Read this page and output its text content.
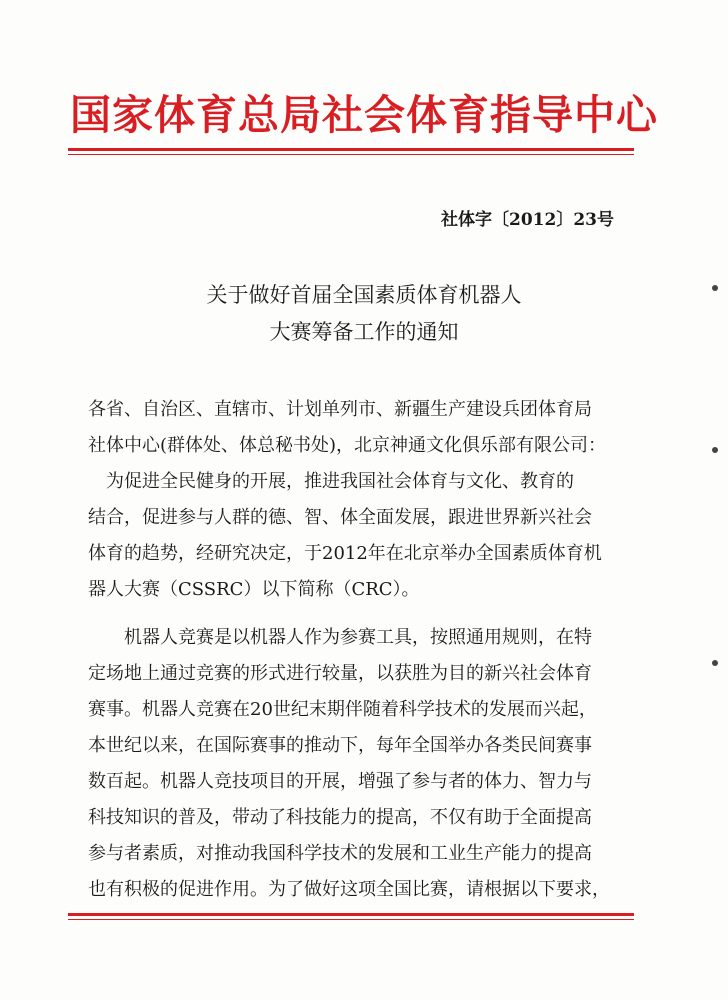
国家体育总局社会体育指导中心
社体字〔2012〕23号
关于做好首届全国素质体育机器人
大赛筹备工作的通知
各省、自治区、直辖市、计划单列市、新疆生产建设兵团体育局
社体中心(群体处、体总秘书处)，北京神通文化俱乐部有限公司：
为促进全民健身的开展，推进我国社会体育与文化、教育的
结合，促进参与人群的德、智、体全面发展，跟进世界新兴社会
体育的趋势，经研究决定，于2012年在北京举办全国素质体育机
器人大赛（CSSRC）以下简称（CRC）。
机器人竞赛是以机器人作为参赛工具，按照通用规则，在特
定场地上通过竞赛的形式进行较量，以获胜为目的新兴社会体育
赛事。机器人竞赛在20世纪末期伴随着科学技术的发展而兴起，
本世纪以来，在国际赛事的推动下，每年全国举办各类民间赛事
数百起。机器人竞技项目的开展，增强了参与者的体力、智力与
科技知识的普及，带动了科技能力的提高，不仅有助于全面提高
参与者素质，对推动我国科学技术的发展和工业生产能力的提高
也有积极的促进作用。为了做好这项全国比赛，请根据以下要求，
